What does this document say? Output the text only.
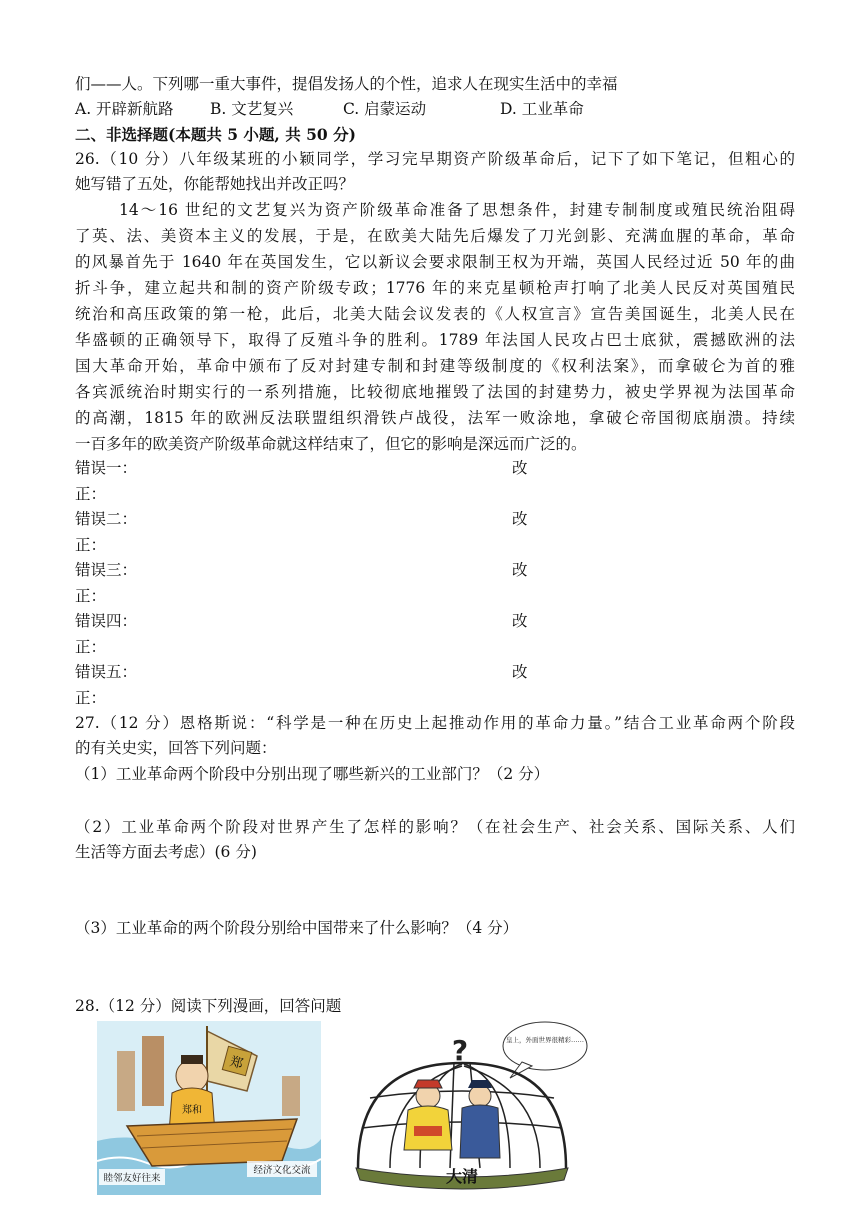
们——人。下列哪一重大事件，提倡发扬人的个性，追求人在现实生活中的幸福
A. 开辟新航路 B. 文艺复兴	C. 启蒙运动	D. 工业革命
二、非选择题(本题共 5 小题, 共 50 分)
26.（10 分）八年级某班的小颖同学，学习完早期资产阶级革命后，记下了如下笔记，但粗心的
她写错了五处，你能帮她找出并改正吗？
14～16 世纪的文艺复兴为资产阶级革命准备了思想条件，封建专制制度或殖民统治阻碍
了英、法、美资本主义的发展，于是，在欧美大陆先后爆发了刀光剑影、充满血腥的革命，革命
的风暴首先于 1640 年在英国发生，它以新议会要求限制王权为开端，英国人民经过近 50 年的曲
折斗争，建立起共和制的资产阶级专政；1776 年的来克星顿枪声打响了北美人民反对英国殖民
统治和高压政策的第一枪，此后，北美大陆会议发表的《人权宣言》宣告美国诞生，北美人民在
华盛顿的正确领导下，取得了反殖斗争的胜利。1789 年法国人民攻占巴士底狱，震撼欧洲的法
国大革命开始，革命中颁布了反对封建专制和封建等级制度的《权利法案》，而拿破仑为首的雅
各宾派统治时期实行的一系列措施，比较彻底地摧毁了法国的封建势力，被史学界视为法国革命
的高潮，1815 年的欧洲反法联盟组织滑铁卢战役，法军一败涂地，拿破仑帝国彻底崩溃。持续
一百多年的欧美资产阶级革命就这样结束了，但它的影响是深远而广泛的。
错误一：	改
正：
错误二：	改
正：
错误三：	改
正：
错误四：	改
正：
错误五：	改
正：
27.（12 分）恩格斯说：“科学是一种在历史上起推动作用的革命力量。”结合工业革命两个阶段
的有关史实，回答下列问题：
（1）工业革命两个阶段中分别出现了哪些新兴的工业部门？（2 分）
（2）工业革命两个阶段对世界产生了怎样的影响？（在社会生产、社会关系、国际关系、人们
生活等方面去考虑）(6 分)
（3）工业革命的两个阶段分别给中国带来了什么影响？（4 分）
28.（12 分）阅读下列漫画，回答问题
郑
郑和
睦邻友好往来
经济文化交流
皇上，外面世界很精彩……
?
大清
